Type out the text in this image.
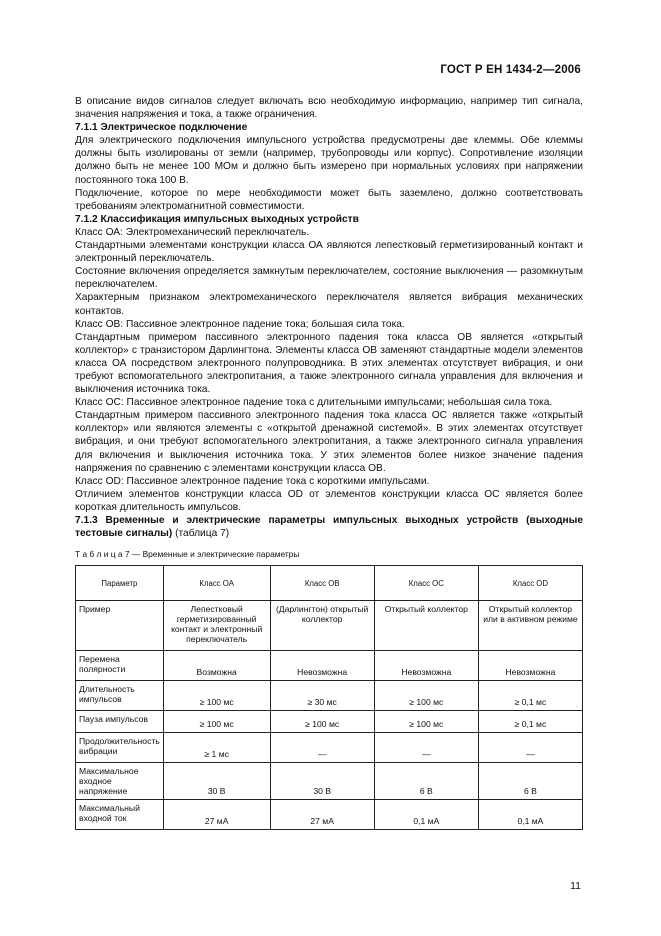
ГОСТ Р ЕН 1434-2—2006

В описание видов сигналов следует включать всю необходимую информацию, например тип сигнала, значения напряжения и тока, а также ограничения.

7.1.1 Электрическое подключение

Для электрического подключения импульсного устройства предусмотрены две клеммы. Обе клеммы должны быть изолированы от земли (например, трубопроводы или корпус). Сопротивление изоляции должно быть не менее 100 МОм и должно быть измерено при нормальных условиях при напряжении постоянного тока 100 В.

Подключение, которое по мере необходимости может быть заземлено, должно соответствовать требованиям электромагнитной совместимости.

7.1.2 Классификация импульсных выходных устройств

Класс ОА: Электромеханический переключатель.

Стандартными элементами конструкции класса ОА являются лепестковый герметизированный контакт и электронный переключатель.

Состояние включения определяется замкнутым переключателем, состояние выключения — разомкнутым переключателем.

Характерным признаком электромеханического переключателя является вибрация механических контактов.

Класс ОВ: Пассивное электронное падение тока; большая сила тока.

Стандартным примером пассивного электронного падения тока класса ОВ является «открытый коллектор» с транзистором Дарлингтона. Элементы класса ОВ заменяют стандартные модели элементов класса ОА посредством электронного полупроводника. В этих элементах отсутствует вибрация, и они требуют вспомогательного электропитания, а также электронного сигнала управления для включения и выключения источника тока.

Класс ОС: Пассивное электронное падение тока с длительными импульсами; небольшая сила тока.

Стандартным примером пассивного электронного падения тока класса ОС является также «открытый коллектор» или являются элементы с «открытой дренажной системой». В этих элементах отсутствует вибрация, и они требуют вспомогательного электропитания, а также электронного сигнала управления для включения и выключения источника тока. У этих элементов более низкое значение падения напряжения по сравнению с элементами конструкции класса ОВ.

Класс OD: Пассивное электронное падение тока с короткими импульсами.

Отличием элементов конструкции класса OD от элементов конструкции класса ОС является более короткая длительность импульсов.

7.1.3 Временные и электрические параметры импульсных выходных устройств (выходные тестовые сигналы) (таблица 7)

Т а б л и ц а 7 — Временные и электрические параметры
Параметр	Класс ОА	Класс ОВ	Класс ОС	Класс OD
Пример	Лепестковый герметизированный контакт и электронный переключатель	(Дарлингтон) открытый коллектор	Открытый коллектор	Открытый коллектор или в активном режиме
Перемена полярности	Возможна	Невозможна	Невозможна	Невозможна
Длительность импульсов	≥ 100 мс	≥ 30 мс	≥ 100 мс	≥ 0,1 мс
Пауза импульсов	≥ 100 мс	≥ 100 мс	≥ 100 мс	≥ 0,1 мс
Продолжительность вибрации	≥ 1 мс	—	—	—
Максимальное входное напряжение	30 В	30 В	6 В	6 В
Максимальный входной ток	27 мА	27 мА	0,1 мА	0,1 мА
11
